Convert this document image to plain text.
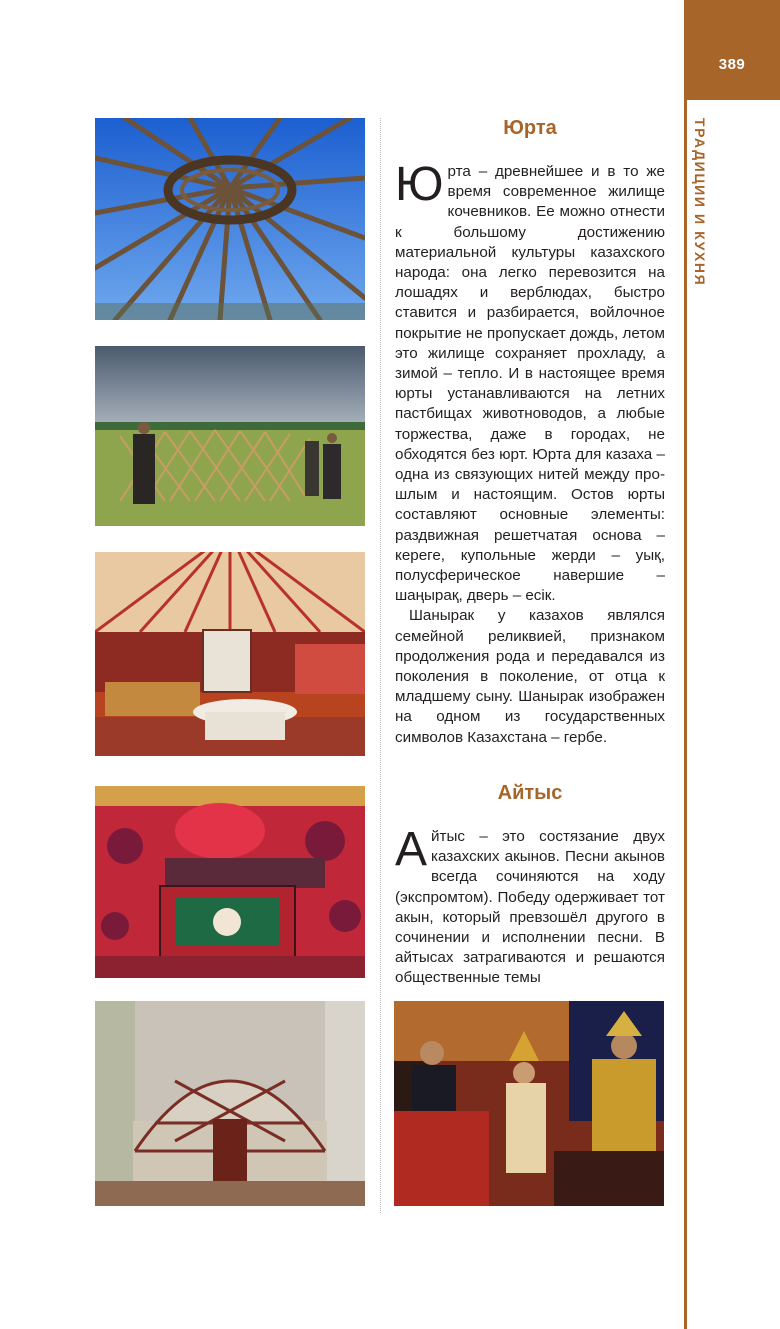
389
ТРАДИЦИИ И КУХНЯ
Юрта

Юрта – древнейшее и в то же время современное жилище кочевников. Ее можно отнести к большому достижению материальной культуры казахского народа: она легко перевозится на лошадях и верблюдах, быстро ставится и разбирается, войлочное покрытие не пропускает дождь, летом это жилище сохраняет прохладу, а зимой – тепло. И в настоящее время юрты устанавливаются на летних пастбищах животноводов, а любые торжества, даже в городах, не обходятся без юрт. Юрта для казаха – одна из связующих нитей между прошлым и настоящим. Остов юрты составляют основные элементы: раздвижная решетчатая основа – кереге, купольные жерди – уық, полусферическое навершие – шаңырақ, дверь – есік.

Шанырак у казахов являлся семейной реликвией, признаком продолжения рода и передавался из поколения в поколение, от отца к младшему сыну. Шанырак изображен на одном из государственных символов Казахстана – гербе.

Айтыс

Айтыс – это состязание двух казахских акынов. Песни акынов всегда сочиняются на ходу (экспромтом). Победу одерживает тот акын, который превзошёл другого в сочинении и исполнении песни. В айтысах затрагиваются и решаются общественные темы
